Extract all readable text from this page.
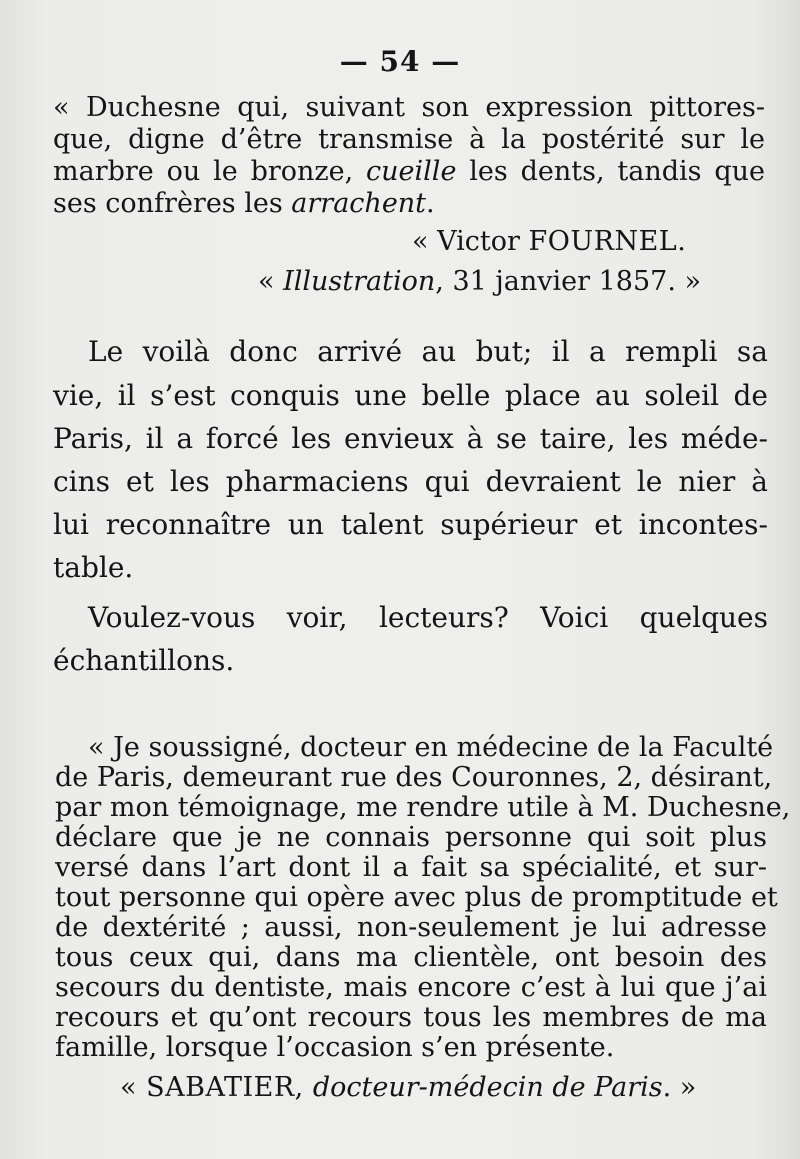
— 54 —
« Duchesne qui, suivant son expression pittores-
que, digne d’être transmise à la postérité sur le
marbre ou le bronze, cueille les dents, tandis que
ses confrères les arrachent.
« Victor FOURNEL.
« Illustration, 31 janvier 1857. »
Le voilà donc arrivé au but; il a rempli sa
vie, il s’est conquis une belle place au soleil de
Paris, il a forcé les envieux à se taire, les méde-
cins et les pharmaciens qui devraient le nier à
lui reconnaître un talent supérieur et incontes-
table.
Voulez-vous voir, lecteurs? Voici quelques
échantillons.
« Je soussigné, docteur en médecine de la Faculté
de Paris, demeurant rue des Couronnes, 2, désirant,
par mon témoignage, me rendre utile à M. Duchesne,
déclare que je ne connais personne qui soit plus
versé dans l’art dont il a fait sa spécialité, et sur-
tout personne qui opère avec plus de promptitude et
de dextérité ; aussi, non-seulement je lui adresse
tous ceux qui, dans ma clientèle, ont besoin des
secours du dentiste, mais encore c’est à lui que j’ai
recours et qu’ont recours tous les membres de ma
famille, lorsque l’occasion s’en présente.
« SABATIER, docteur-médecin de Paris. »
